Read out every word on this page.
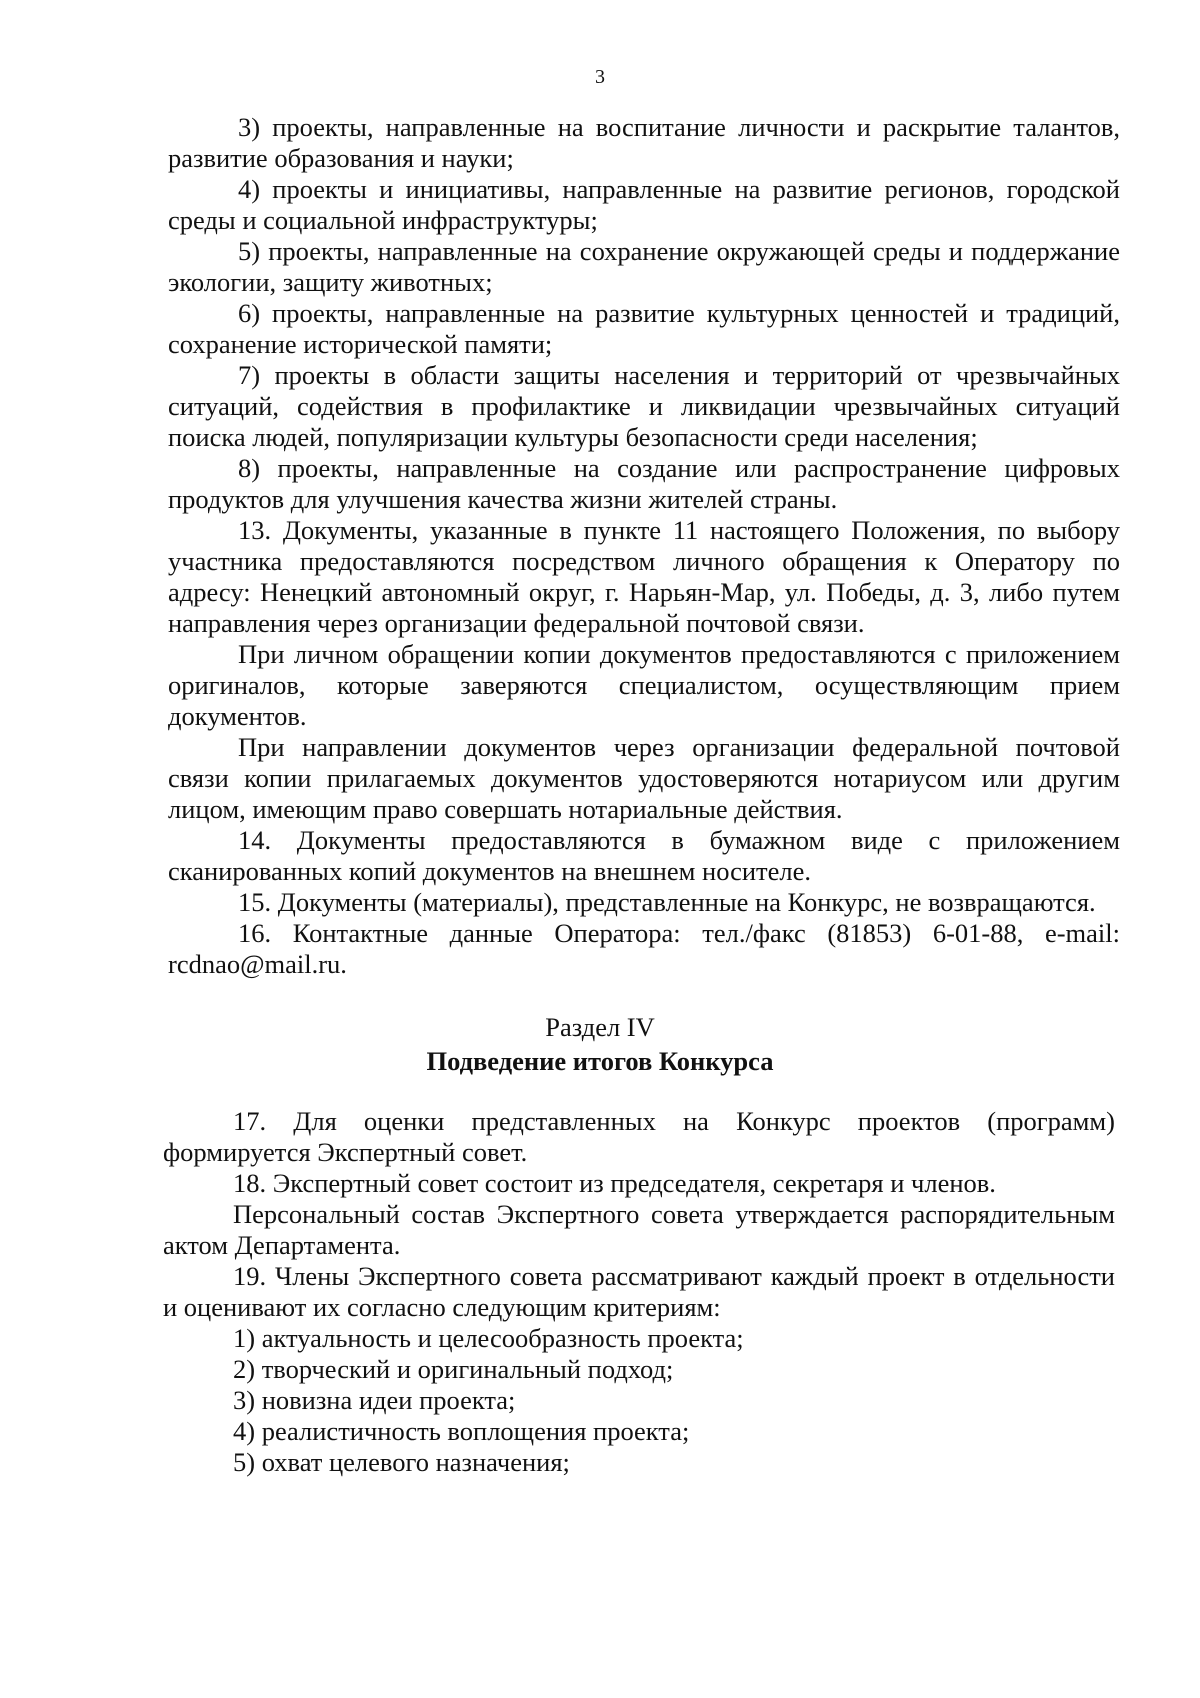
3

3) проекты, направленные на воспитание личности и раскрытие талантов, развитие образования и науки;

4) проекты и инициативы, направленные на развитие регионов, городской среды и социальной инфраструктуры;

5) проекты, направленные на сохранение окружающей среды и поддержание экологии, защиту животных;

6) проекты, направленные на развитие культурных ценностей и традиций, сохранение исторической памяти;

7) проекты в области защиты населения и территорий от чрезвычайных ситуаций, содействия в профилактике и ликвидации чрезвычайных ситуаций поиска людей, популяризации культуры безопасности среди населения;

8) проекты, направленные на создание или распространение цифровых продуктов для улучшения качества жизни жителей страны.

13. Документы, указанные в пункте 11 настоящего Положения, по выбору участника предоставляются посредством личного обращения к Оператору по адресу: Ненецкий автономный округ, г. Нарьян-Мар, ул. Победы, д. 3, либо путем направления через организации федеральной почтовой связи.

При личном обращении копии документов предоставляются с приложением оригиналов, которые заверяются специалистом, осуществляющим прием документов.

При направлении документов через организации федеральной почтовой связи копии прилагаемых документов удостоверяются нотариусом или другим лицом, имеющим право совершать нотариальные действия.

14. Документы предоставляются в бумажном виде с приложением сканированных копий документов на внешнем носителе.

15. Документы (материалы), представленные на Конкурс, не возвращаются.

16. Контактные данные Оператора: тел./факс (81853) 6-01-88, e-mail: rcdnao@mail.ru.

Раздел IV
Подведение итогов Конкурса

17. Для оценки представленных на Конкурс проектов (программ) формируется Экспертный совет.

18. Экспертный совет состоит из председателя, секретаря и членов.

Персональный состав Экспертного совета утверждается распорядительным актом Департамента.

19. Члены Экспертного совета рассматривают каждый проект в отдельности и оценивают их согласно следующим критериям:

1) актуальность и целесообразность проекта;

2) творческий и оригинальный подход;

3) новизна идеи проекта;

4) реалистичность воплощения проекта;

5) охват целевого назначения;
